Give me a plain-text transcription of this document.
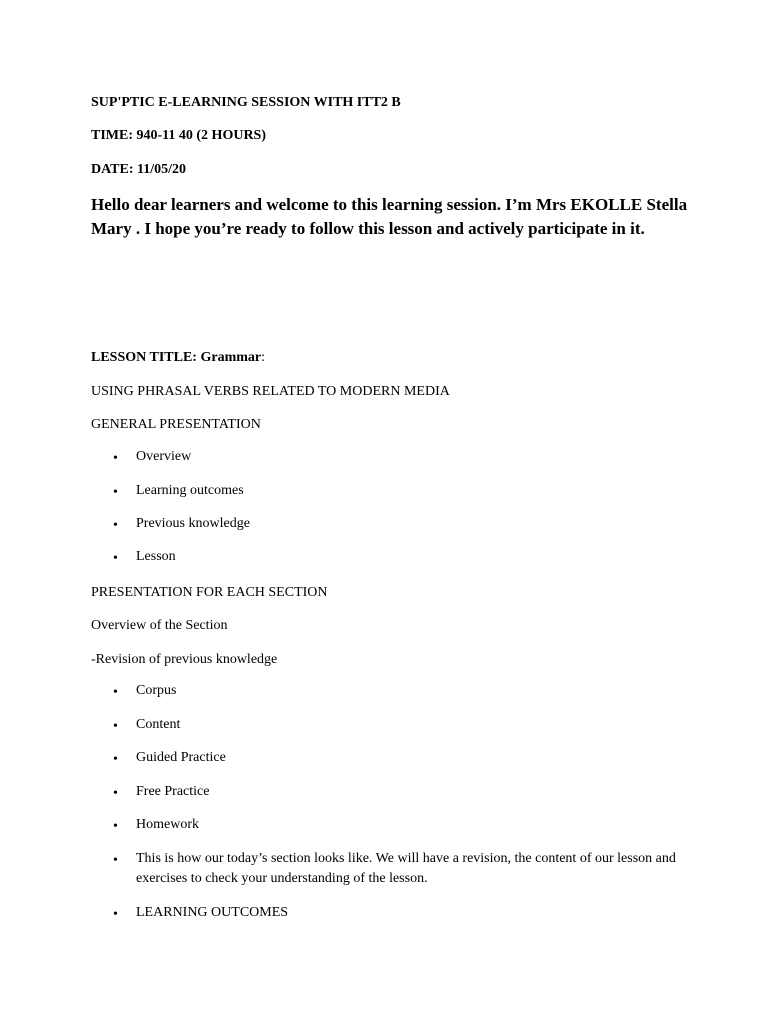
SUP'PTIC E-LEARNING SESSION WITH ITT2 B
TIME: 940-11 40 (2 HOURS)
DATE: 11/05/20
Hello dear learners and welcome to this learning session. I’m Mrs EKOLLE Stella Mary . I hope you’re ready to follow this lesson and actively participate in it.
LESSON TITLE: Grammar:
USING PHRASAL VERBS RELATED TO MODERN MEDIA
GENERAL PRESENTATION
• Overview
• Learning outcomes
• Previous knowledge
• Lesson
PRESENTATION FOR EACH SECTION
Overview of the Section
-Revision of previous knowledge
• Corpus
• Content
• Guided Practice
• Free Practice
• Homework
• This is how our today’s section looks like. We will have a revision, the content of our lesson and exercises to check your understanding of the lesson.
• LEARNING OUTCOMES
